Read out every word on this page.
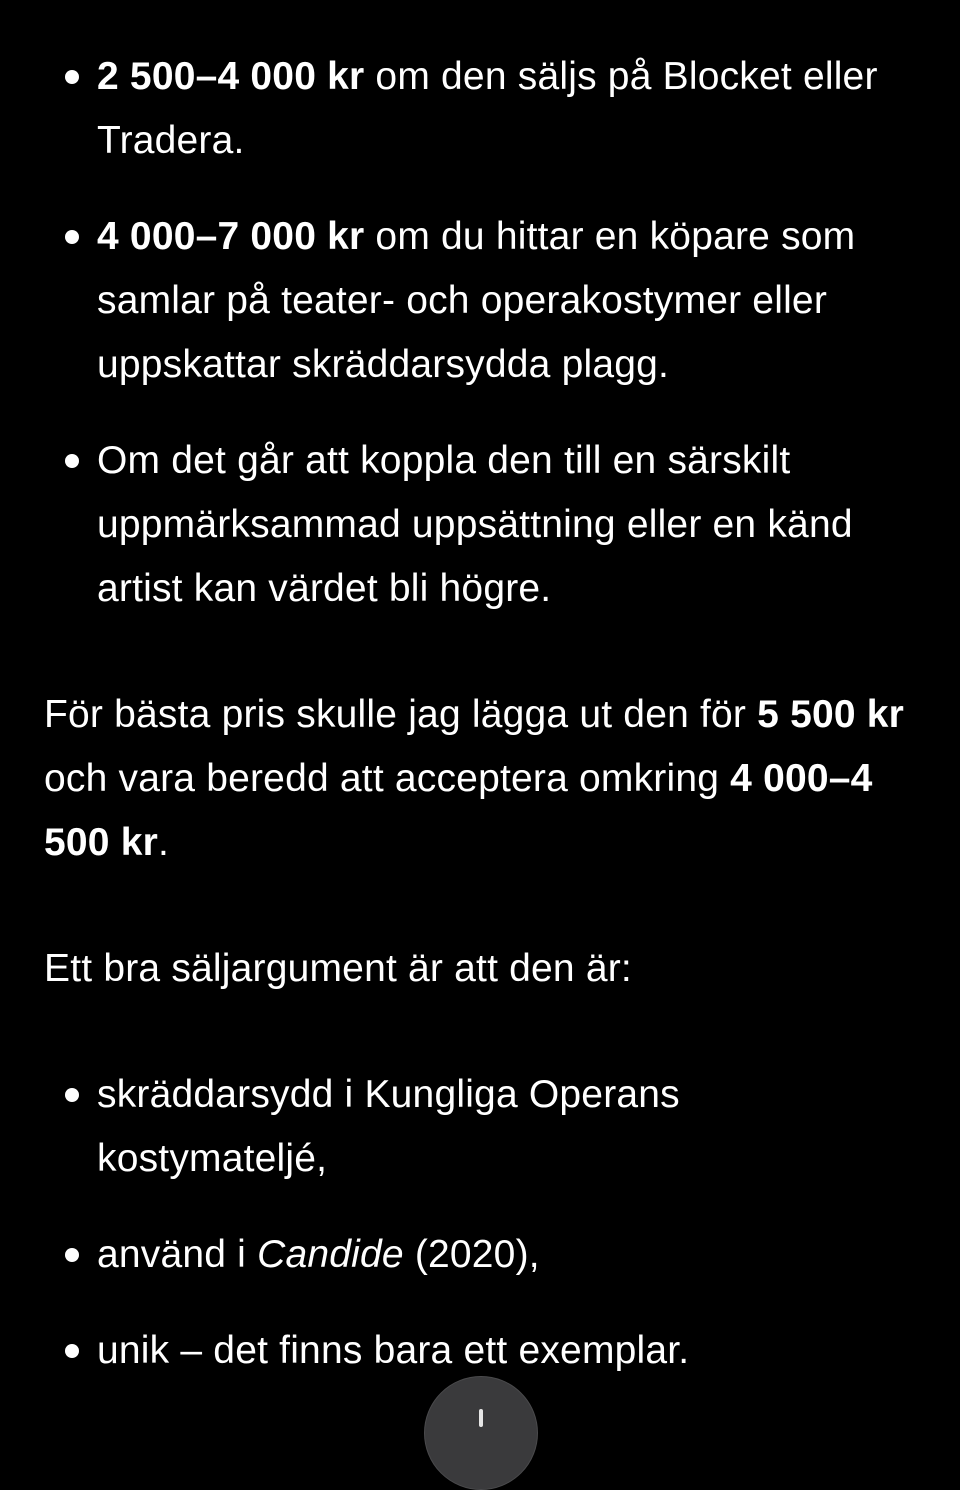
2 500–4 000 kr om den säljs på Blocket eller Tradera.
4 000–7 000 kr om du hittar en köpare som samlar på teater- och operakostymer eller uppskattar skräddarsydda plagg.
Om det går att koppla den till en särskilt uppmärksammad uppsättning eller en känd artist kan värdet bli högre.

För bästa pris skulle jag lägga ut den för 5 500 kr och vara beredd att acceptera omkring 4 000–4 500 kr.

Ett bra säljargument är att den är:

skräddarsydd i Kungliga Operans kostymateljé,
använd i Candide (2020),
unik – det finns bara ett exemplar.
